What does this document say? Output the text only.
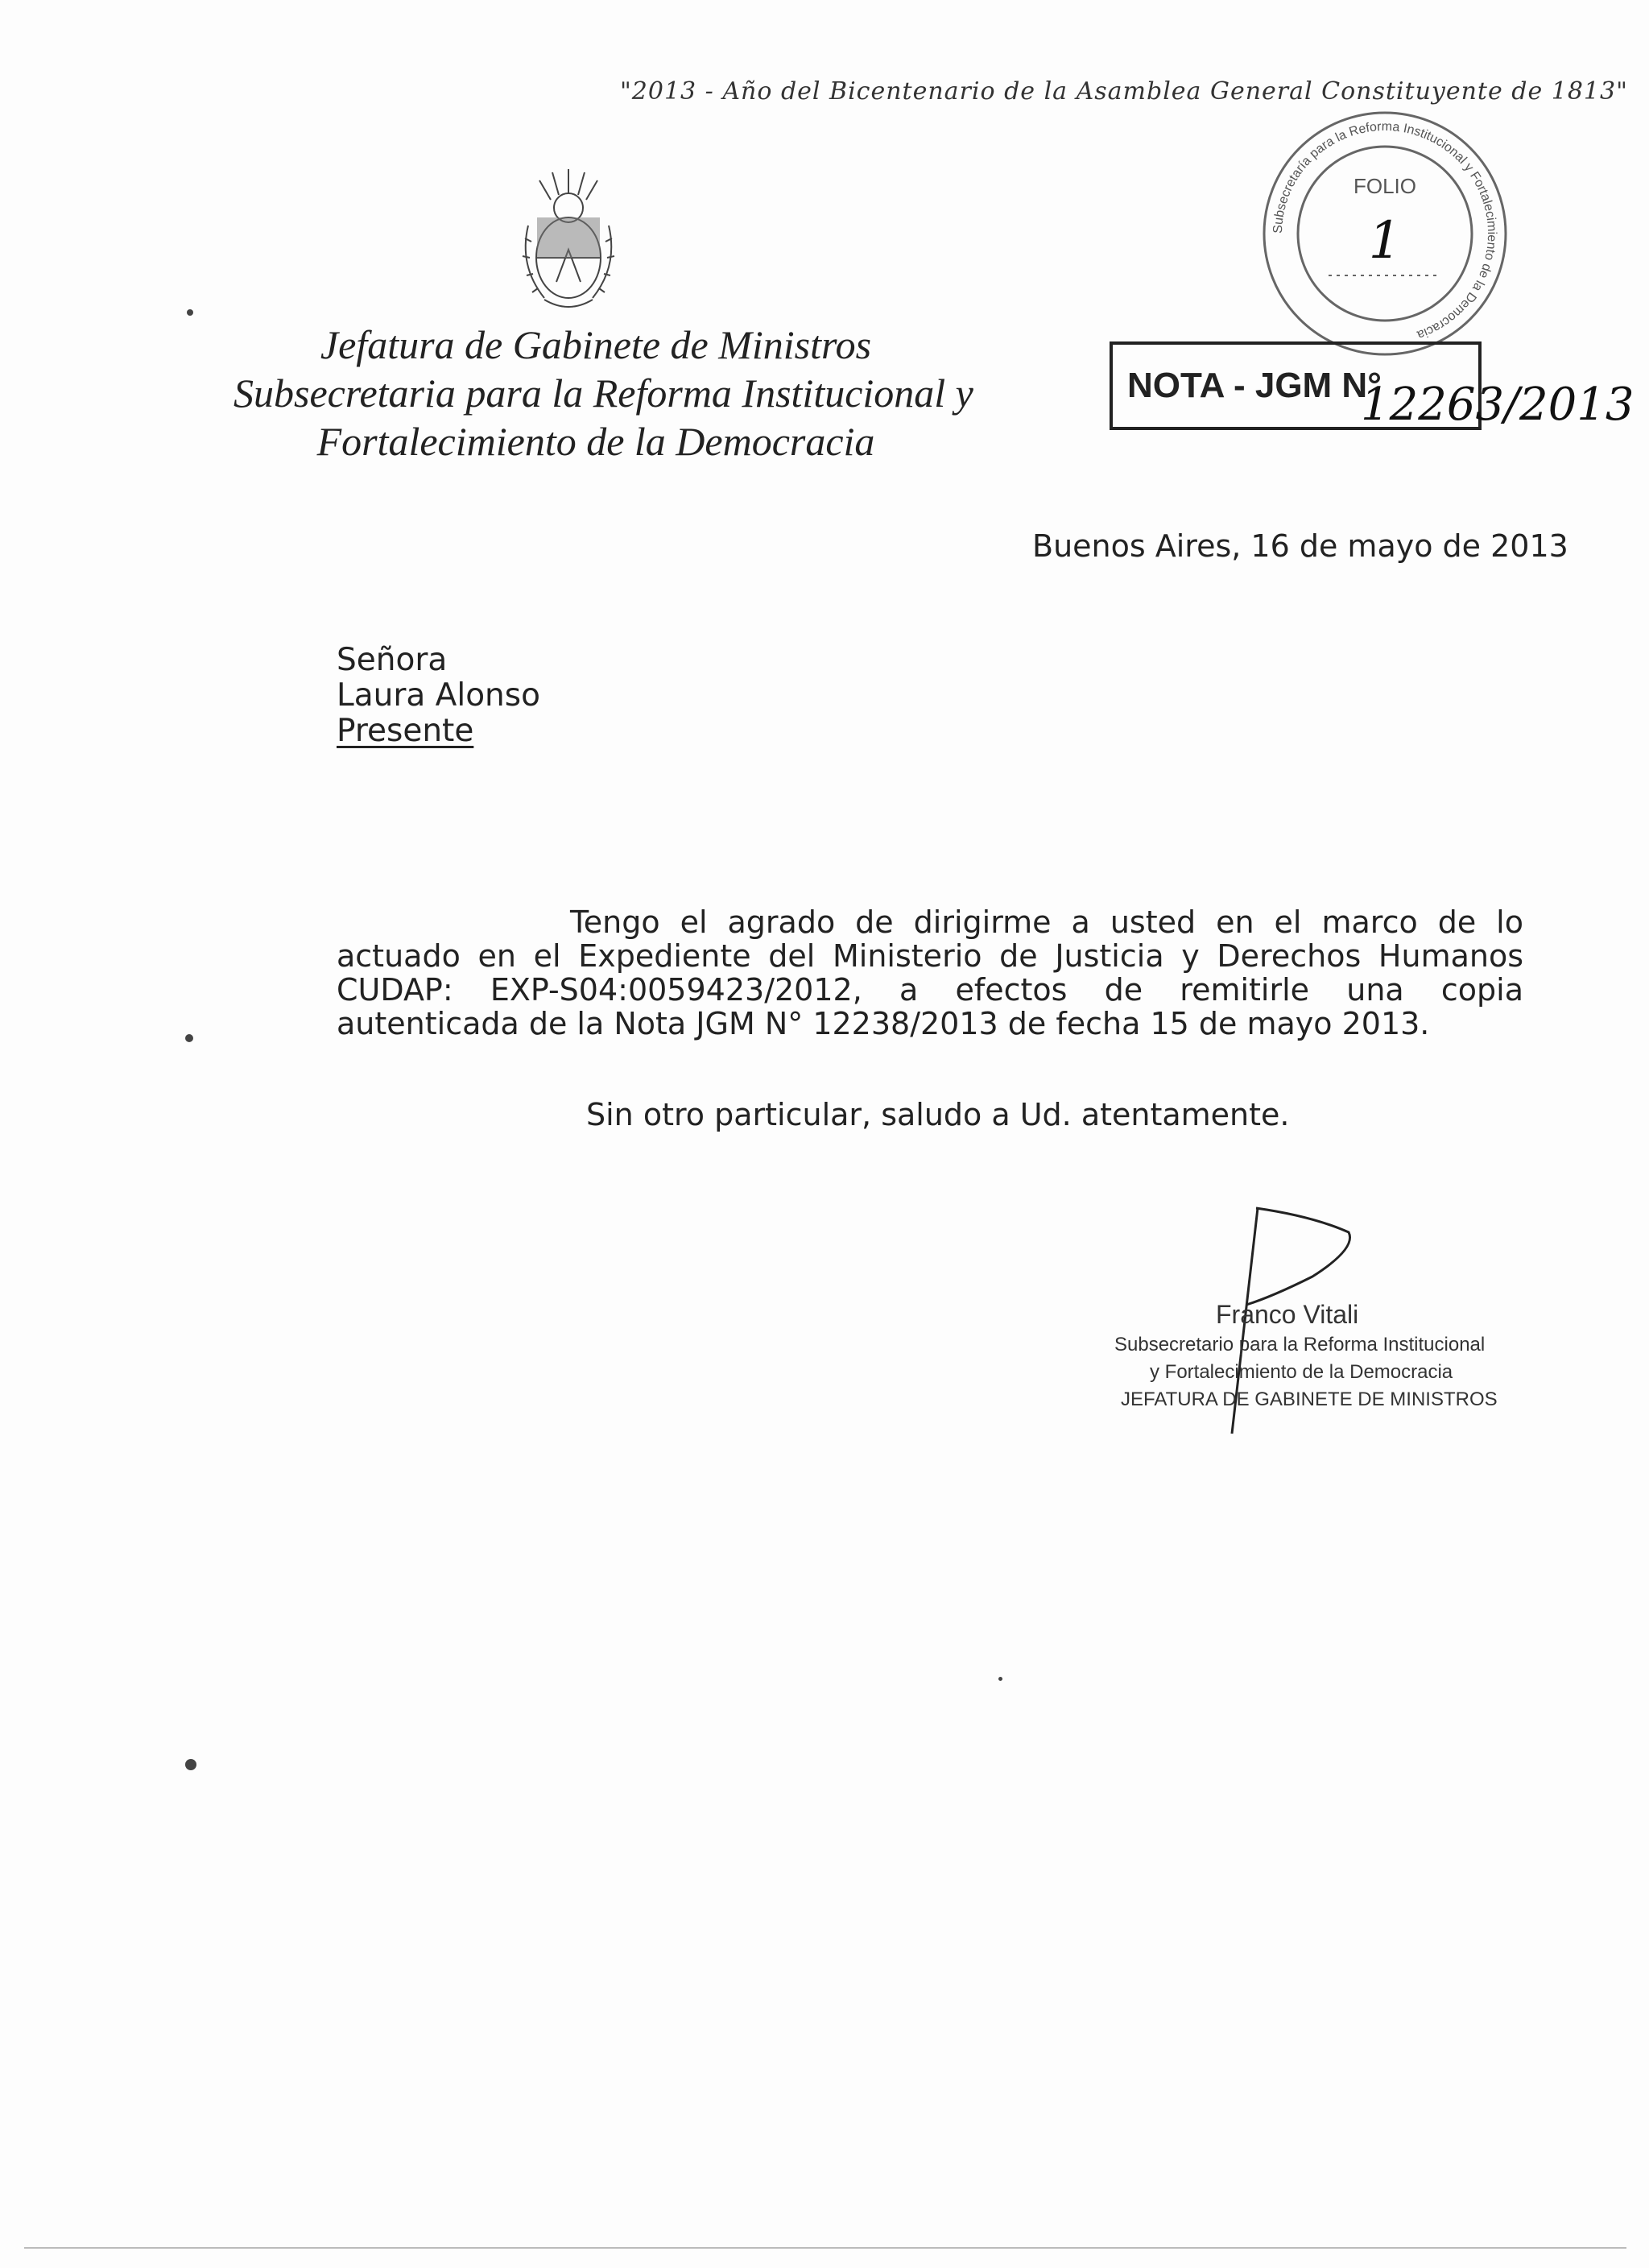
"2013 - Año del Bicentenario de la Asamblea General Constituyente de 1813"
Jefatura de Gabinete de Ministros
Subsecretaria para la Reforma Institucional y
Fortalecimiento de la Democracia
Subsecretaría para la Reforma Institucional y Fortalecimiento de la Democracia
FOLIO
1
NOTA - JGM N°
12263/2013
Buenos Aires, 16 de mayo de 2013
Señora
Laura Alonso
Presente
Tengo el agrado de dirigirme a usted en el marco de lo actuado en el Expediente del Ministerio de Justicia y Derechos Humanos CUDAP: EXP-S04:0059423/2012, a efectos de remitirle una copia autenticada de la Nota JGM N° 12238/2013 de fecha 15 de mayo 2013.
Sin otro particular, saludo a Ud. atentamente.
Franco Vitali
Subsecretario para la Reforma Institucional
y Fortalecimiento de la Democracia
JEFATURA DE GABINETE DE MINISTROS
